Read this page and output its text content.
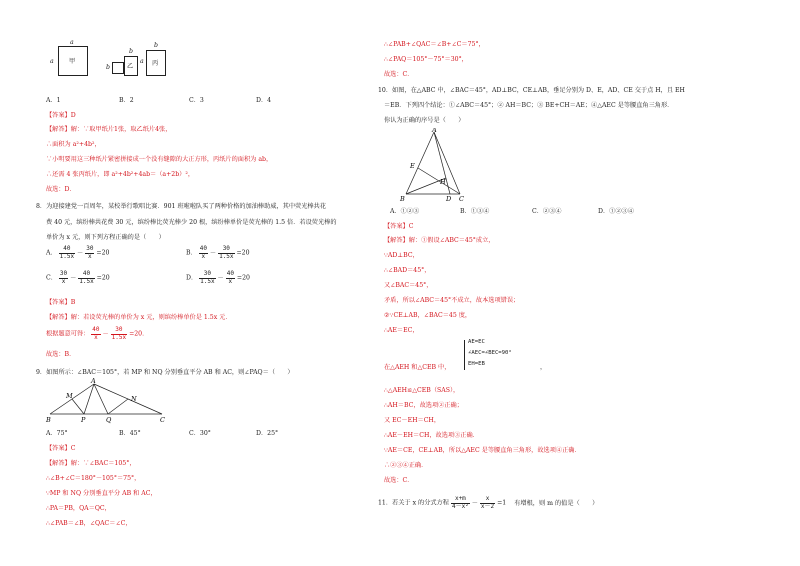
甲
a
a
b	乙
b
丙
b
a
A．1	B．2	C．3	D．4
【答案】D
【解答】解：∵取甲纸片1张，取乙纸片4张，
∴面积为 a²+4b²，
∵小明要用这三种纸片紧密拼接成一个没有缝隙的大正方形，丙纸片的面积为 ab，
∴还需 4 张丙纸片，即 a²+4b²+4ab＝（a+2b）²，
故选：D．
8．为迎接建党一百周年，某校举行歌唱比赛．901 班啦啦队买了两种价格的加油棒助威，其中荧光棒共花
费 40 元，缤纷棒共花费 30 元，缤纷棒比荧光棒少 20 根，缤纷棒单价是荧光棒的 1.5 倍．若设荧光棒的
单价为 x 元，则下列方程正确的是（　　）
A． $\frac{40}{1.5x} - \frac{30}{x} =20$	B． $\frac{40}{x} - \frac{30}{1.5x} =20$
C． $\frac{30}{x} - \frac{40}{1.5x} =20$	D． $\frac{30}{1.5x} - \frac{40}{x} =20$
【答案】B
【解答】解：若设荧光棒的单价为 x 元，则缤纷棒单价是 1.5x 元．
根据题意可得： $\frac{40}{x} - \frac{30}{1.5x} =20$．
故选：B．
9．如图所示：∠BAC＝105°，若 MP 和 NQ 分别垂直平分 AB 和 AC，则∠PAQ＝（　　）
A
M	N
B	P	Q	C
A．75°	B．45°	C．30°	D．25°
【答案】C
【解答】解：∵∠BAC＝105°，
∴∠B+∠C＝180°－105°＝75°，
∵MP 和 NQ 分别垂直平分 AB 和 AC，
∴PA＝PB，QA＝QC，
∴∠PAB＝∠B，∠QAC＝∠C，
∴∠PAB+∠QAC＝∠B+∠C＝75°，
∴∠PAQ＝105°－75°＝30°，
故选：C．
10．如图，在△ABC 中，∠BAC＝45°，AD⊥BC，CE⊥AB，垂足分别为 D、E，AD、CE 交于点 H，且 EH
＝EB．下列四个结论：①∠ABC＝45°；② AH＝BC；③ BE+CH＝AE；④△AEC 是等腰直角三角形．
你认为正确的序号是（　　）
A
E
H
B	D C
A．①②③	B．①③④	C．②③④	D．①②③④
【答案】C
【解答】解：①假设∠ABC＝45°成立，
∵AD⊥BC，
∴∠BAD＝45°，
又∠BAC＝45°，
矛盾，所以∠ABC＝45°不成立，故本选项错误；
②∵CE⊥AB，∠BAC＝45 度，
∴AE＝EC，
AE=EC
∠AEC=∠BEC=90°
EH=EB
在△AEH 和△CEB 中，	，
∴△AEH≌△CEB（SAS），
∴AH＝BC，故选项②正确；
又 EC－EH＝CH，
∴AE－EH＝CH，故选项③正确．
∵AE＝CE，CE⊥AB，所以△AEC 是等腰直角三角形，故选项④正确．
∴②③④正确．
故选：C．
11．若关于 x 的分式方程 $\frac{x+m}{\text{4－x²}} - \frac{x}{x-2} =1$ 有增根，则 m 的值是（　　）
